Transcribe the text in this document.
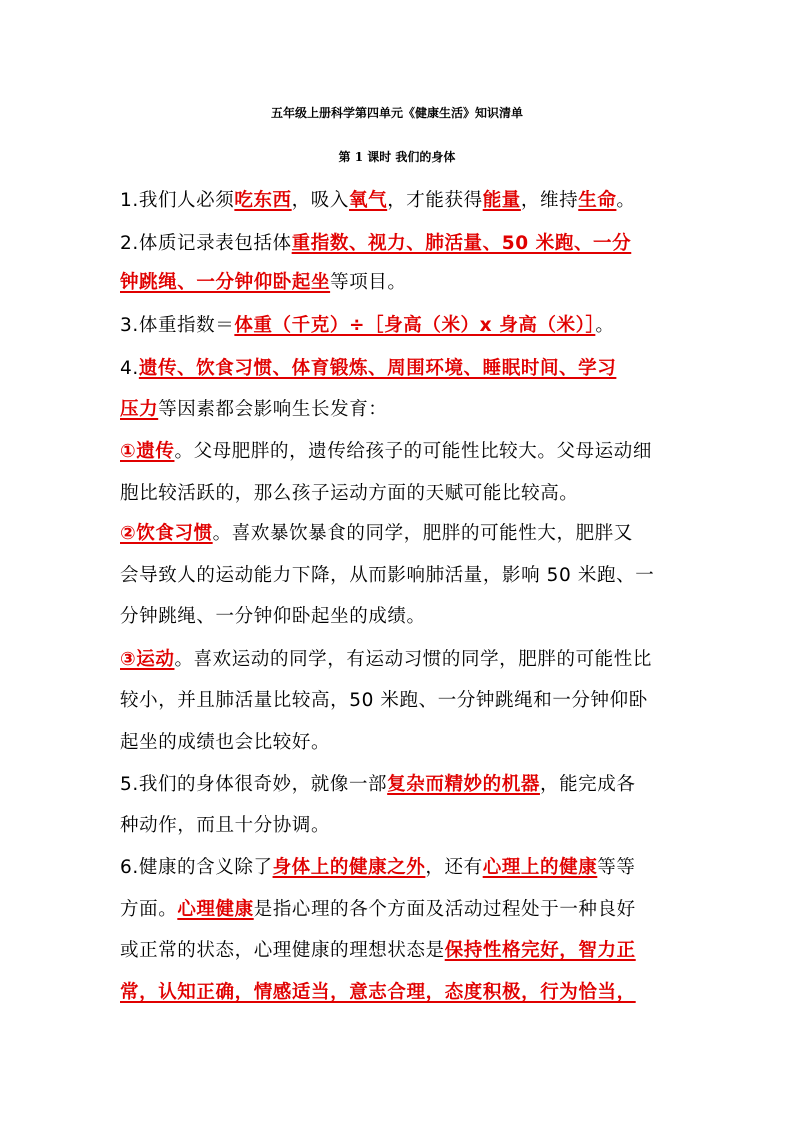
五年级上册科学第四单元《健康生活》知识清单
第 1 课时 我们的身体
1.我们人必须吃东西，吸入氧气，才能获得能量，维持生命。
2.体质记录表包括体重指数、视力、肺活量、50 米跑、一分
钟跳绳、一分钟仰卧起坐等项目。
3.体重指数＝体重（千克）÷［身高（米）x 身高（米）］。
4.遗传、饮食习惯、体育锻炼、周围环境、睡眠时间、学习
压力等因素都会影响生长发育：
①遗传。父母肥胖的，遗传给孩子的可能性比较大。父母运动细
胞比较活跃的，那么孩子运动方面的天赋可能比较高。
②饮食习惯。喜欢暴饮暴食的同学，肥胖的可能性大，肥胖又
会导致人的运动能力下降，从而影响肺活量，影响 50 米跑、一
分钟跳绳、一分钟仰卧起坐的成绩。
③运动。喜欢运动的同学，有运动习惯的同学，肥胖的可能性比
较小，并且肺活量比较高，50 米跑、一分钟跳绳和一分钟仰卧
起坐的成绩也会比较好。
5.我们的身体很奇妙，就像一部复杂而精妙的机器，能完成各
种动作，而且十分协调。
6.健康的含义除了身体上的健康之外，还有心理上的健康等等
方面。心理健康是指心理的各个方面及活动过程处于一种良好
或正常的状态，心理健康的理想状态是保持性格完好，智力正
常，认知正确，情感适当，意志合理，态度积极，行为恰当，
